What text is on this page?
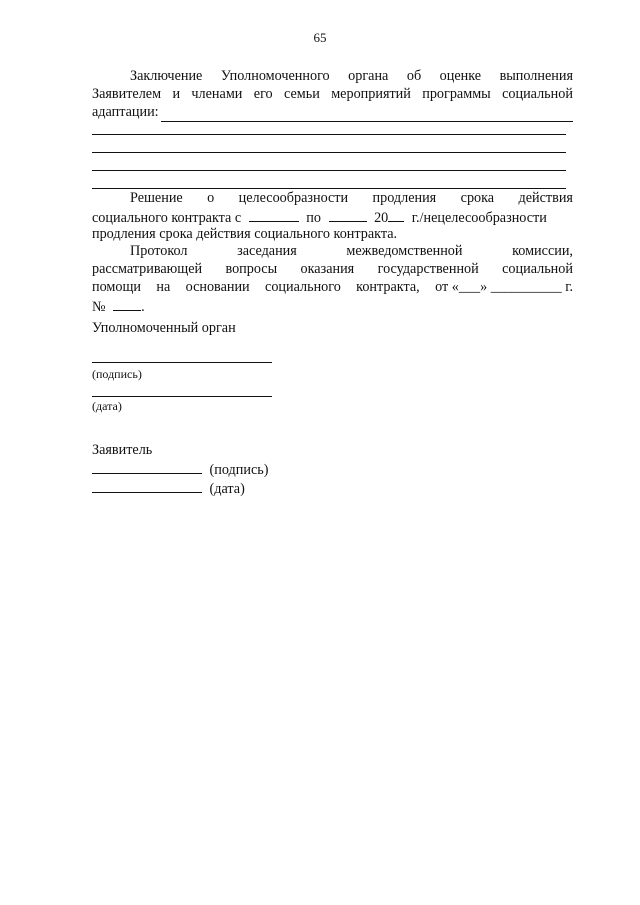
65
Заключение Уполномоченного органа об оценке выполнения
Заявителем и членами его семьи мероприятий программы социальной
адаптации:
Решение о целесообразности продления срока действия
социального контракта с	по	20 г./нецелесообразности
продления срока действия социального контракта.
Протокол	заседания	межведомственной	комиссии,
рассматривающей вопросы оказания государственной социальной
помощи на основании социального контракта, от «___» __________ г.
№	.
Уполномоченный орган
(подпись)
(дата)
Заявитель
(подпись)
(дата)
